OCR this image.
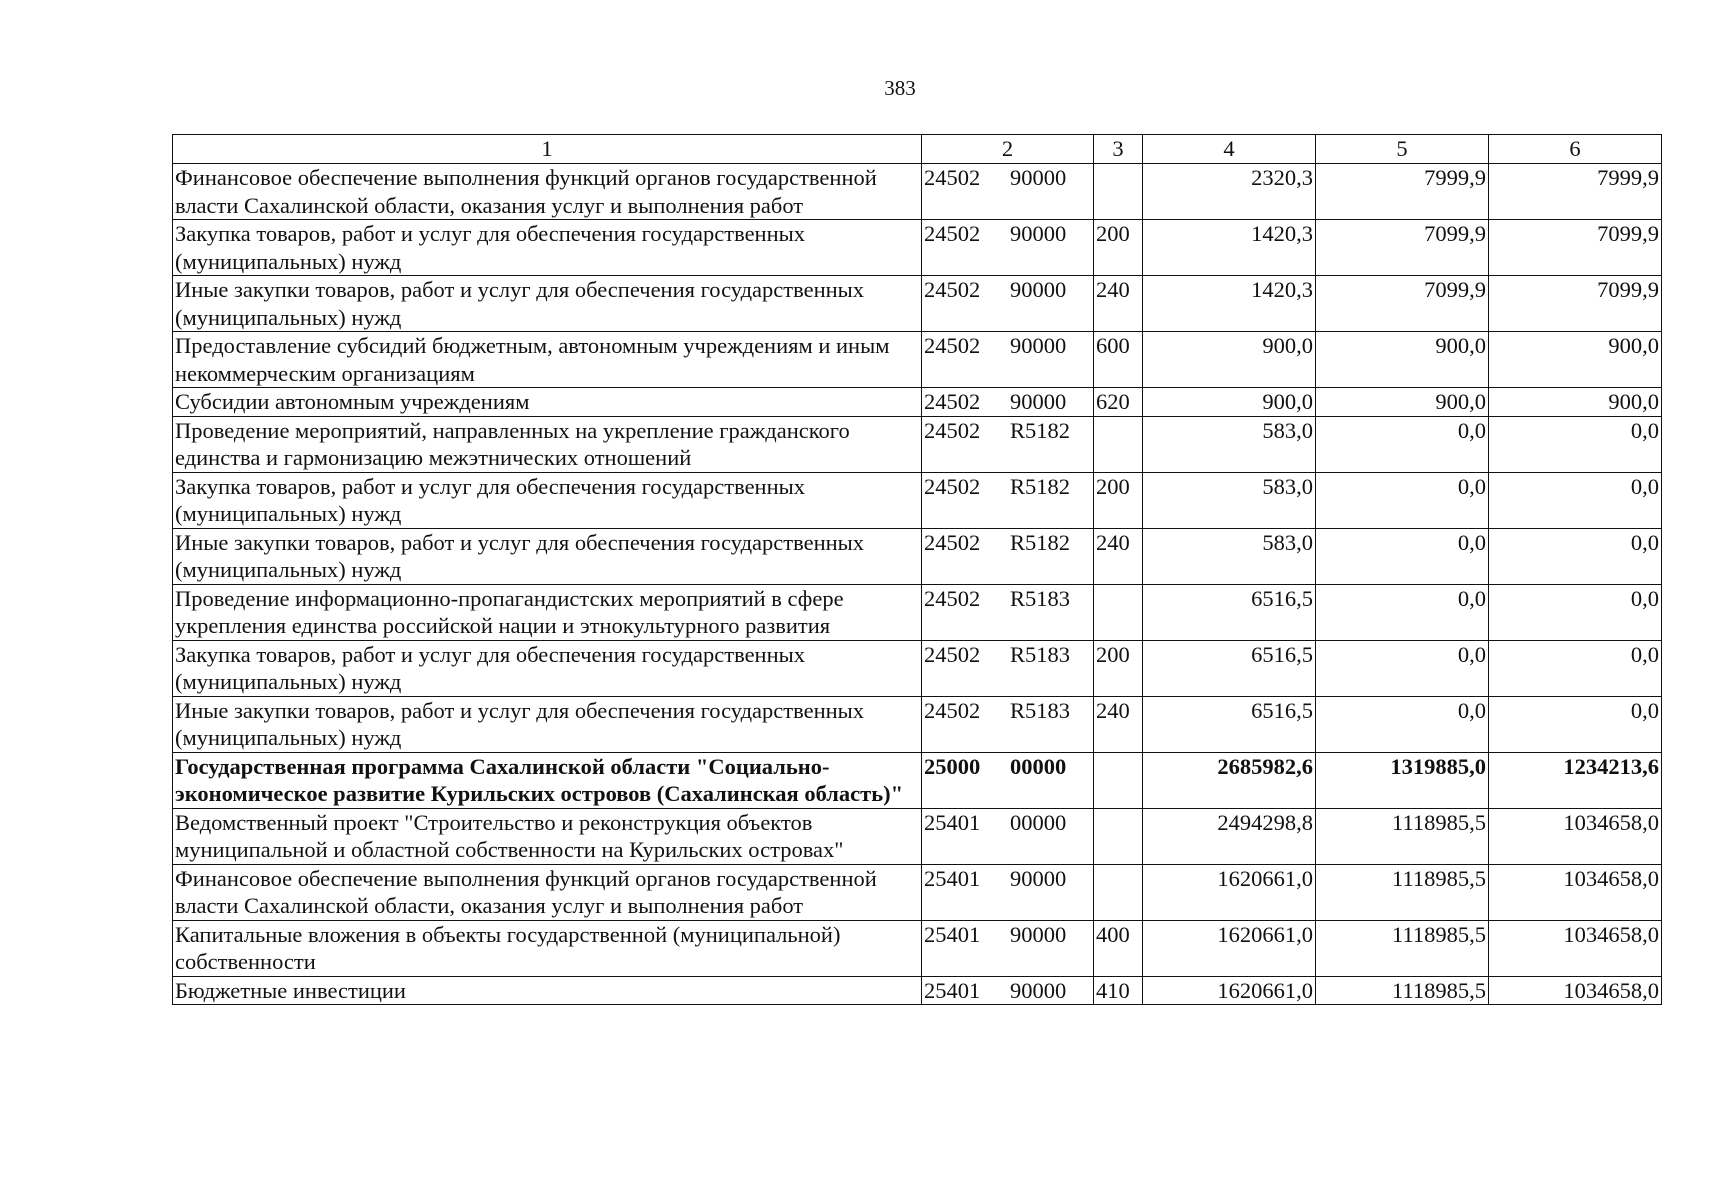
383
1	2	3	4	5	6
Финансовое обеспечение выполнения функций органов государственной власти Сахалинской области, оказания услуг и выполнения работ	24502 90000		2320,3	7999,9	7999,9
Закупка товаров, работ и услуг для обеспечения государственных (муниципальных) нужд	24502 90000	200	1420,3	7099,9	7099,9
Иные закупки товаров, работ и услуг для обеспечения государственных (муниципальных) нужд	24502 90000	240	1420,3	7099,9	7099,9
Предоставление субсидий бюджетным, автономным учреждениям и иным некоммерческим организациям	24502 90000	600	900,0	900,0	900,0
Субсидии автономным учреждениям	24502 90000	620	900,0	900,0	900,0
Проведение мероприятий, направленных на укрепление гражданского единства и гармонизацию межэтнических отношений	24502 R5182		583,0	0,0	0,0
Закупка товаров, работ и услуг для обеспечения государственных (муниципальных) нужд	24502 R5182	200	583,0	0,0	0,0
Иные закупки товаров, работ и услуг для обеспечения государственных (муниципальных) нужд	24502 R5182	240	583,0	0,0	0,0
Проведение информационно-пропагандистских мероприятий в сфере укрепления единства российской нации и этнокультурного развития	24502 R5183		6516,5	0,0	0,0
Закупка товаров, работ и услуг для обеспечения государственных (муниципальных) нужд	24502 R5183	200	6516,5	0,0	0,0
Иные закупки товаров, работ и услуг для обеспечения государственных (муниципальных) нужд	24502 R5183	240	6516,5	0,0	0,0
Государственная программа Сахалинской области "Социально-экономическое развитие Курильских островов (Сахалинская область)"	25000 00000		2685982,6	1319885,0	1234213,6
Ведомственный проект "Строительство и реконструкция объектов муниципальной и областной собственности на Курильских островах"	25401 00000		2494298,8	1118985,5	1034658,0
Финансовое обеспечение выполнения функций органов государственной власти Сахалинской области, оказания услуг и выполнения работ	25401 90000		1620661,0	1118985,5	1034658,0
Капитальные вложения в объекты государственной (муниципальной) собственности	25401 90000	400	1620661,0	1118985,5	1034658,0
Бюджетные инвестиции	25401 90000	410	1620661,0	1118985,5	1034658,0
